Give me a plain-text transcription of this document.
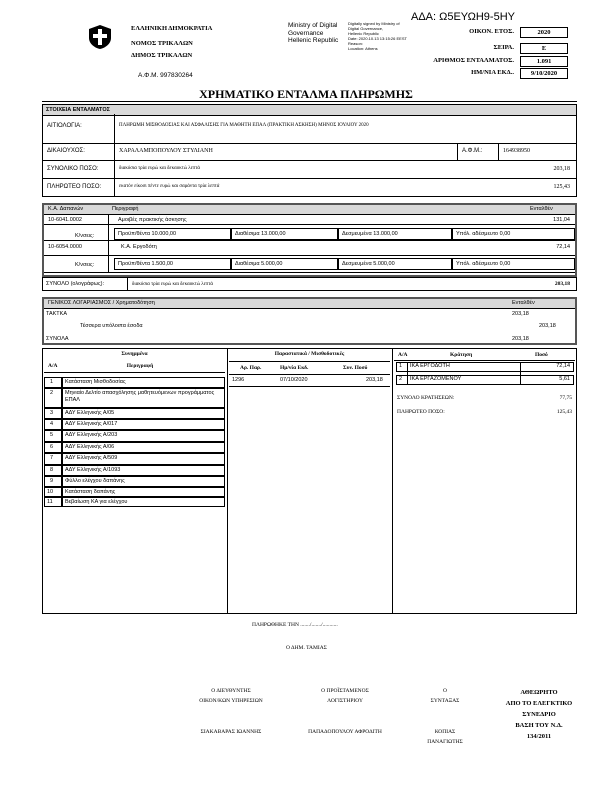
ΑΔΑ: Ω5ΕΥΩΗ9-5ΗΥ
ΕΛΛΗΝΙΚΗ ΔΗΜΟΚΡΑΤΙΑ
ΝΟΜΟΣ ΤΡΙΚΑΛΩΝ
ΔΗΜΟΣ ΤΡΙΚΑΛΩΝ
Α.Φ.Μ. 997830264
Ministry of Digital
Governance
Hellenic Republic
Digitally signed by Ministry of
Digital Governance,
Hellenic Republic
Date: 2020.10.13 13:15:26 EEST
Reason:
Location: Athens
ΟΙΚΟΝ. ΕΤΟΣ.	2020
ΣΕΙΡΑ.	Ε
ΑΡΙΘΜΟΣ ΕΝΤΑΛΜΑΤΟΣ.	1.091
ΗΜ/ΝΙΑ ΕΚΔ..	9/10/2020
ΧΡΗΜΑΤΙΚΟ ΕΝΤΑΛΜΑ ΠΛΗΡΩΜΗΣ
ΣΤΟΙΧΕΙΑ ΕΝΤΑΛΜΑΤΟΣ
ΑΙΤΙΟΛΟΓΙΑ:	ΠΛΗΡΩΜΗ ΜΙΣΘΟΔΟΣΙΑΣ ΚΑΙ ΑΣΦΑΛΙΣΗΣ ΓΙΑ ΜΑΘΗΤΗ ΕΠΑΛ (ΠΡΑΚΤΙΚΗ ΑΣΚΗΣΗ) ΜΗΝΟΣ ΙΟΥΛΙΟΥ 2020
ΔΙΚΑΙΟΥΧΟΣ:	ΧΑΡΑΛΑΜΠΟΠΟΥΛΟΥ ΣΤΥΛΙΑΝΗ	Α.Φ.Μ.:	164938950
ΣΥΝΟΛΙΚΟ ΠΟΣΟ:	διακόσια τρία ευρώ και δεκαοκτώ λεπτά	203,18
ΠΛΗΡΩΤΕΟ ΠΟΣΟ:	εκατόν είκοσι πέντε ευρώ και σαράντα τρία λεπτά	125,43
Κ.Α. Δαπανών	Περιγραφή	Ενταλθέν
10-6041.0002	Αμοιβές πρακτικής άσκησης	131,04
Κ/νσεις:	Προϋπ/θέντα 10.000,00	Διαθέσιμα 13.000,00	Δεσμευμένα 13.000,00	Υπόλ. αδέσμευτο 0,00
10-6054.0000	Κ.Α. Εργοδότη	72,14
Κ/νσεις:	Προϋπ/θέντα 1.500,00	Διαθέσιμα 5.000,00	Δεσμευμένα 5.000,00	Υπόλ. αδέσμευτο 0,00
ΣΥΝΟΛΟ (ολογράφως):	διακόσια τρία ευρώ και δεκαοκτώ λεπτά	203,18
ΓΕΝΙΚΟΣ ΛΟΓΑΡΙΑΣΜΟΣ / Χρηματοδότηση	Ενταλθέν
ΤΑΚΤΚΑ	203,18
Τέσσερα υπόλοιπα έσοδα	203,18
ΣΥΝΟΛΑ	203,18
Συνημμένα
Α/Α	Περιγραφή
1 Κατάσταση Μισθοδοσίας
2 Μηνιαίο Δελτίο απασχόλησης μαθητευόμενων προγράμματος ΕΠΑΛ
3 ΑΔΥ Ελληνικής Α/05
4 ΑΔΥ Ελληνικής Α/017
5 ΑΔΥ Ελληνικής Α/203
6 ΑΔΥ Ελληνικής Α/06
7 ΑΔΥ Ελληνικής Α/509
8 ΑΔΥ Ελληνικής Α/1093
9 Φύλλο ελέγχου δαπάνης
10 Κατάσταση δαπάνης
11 Βεβαίωση ΚΑ για ελέγχου
Παραστατικά / Μισθοδοτικές
Αρ. Παρ.	Ημ/νία Εκδ.	Συν. Ποσό
1296	07/10/2020	203,18
Α/Α	Κράτηση	Ποσό
1 ΙΚΑ ΕΡΓΟΔΟΤΗ	72,14
2 ΙΚΑ ΕΡΓΑΖΟΜΕΝΟΥ	5,61
ΣΥΝΟΛΟ ΚΡΑΤΗΣΕΩΝ:	77,75
ΠΛΗΡΩΤΕΟ ΠΟΣΟ:	125,43
ΠΛΗΡΩΘΗΚΕ ΤΗΝ ......./......./...........
Ο ΔΗΜ. ΤΑΜΙΑΣ
Ο ΔΙΕΥΘΥΝΤΗΣ
ΟΙΚΟΝ/ΚΩΝ ΥΠΗΡΕΣΙΩΝ
ΣΙΑΚΑΒΑΡΑΣ ΙΩΑΝΝΗΣ
Ο ΠΡΟΪΣΤΑΜΕΝΟΣ
ΛΟΓΙΣΤΗΡΙΟΥ
ΠΑΠΑΔΟΠΟΥΛΟΥ ΑΦΡΟΔΙΤΗ
Ο
ΣΥΝΤΑΞΑΣ
ΚΟΠΙΑΣ
ΠΑΝΑΓΙΩΤΗΣ
ΑΘΕΩΡΗΤΟ
ΑΠΟ ΤΟ ΕΛΕΓΚΤΙΚΟ
ΣΥΝΕΔΡΙΟ
ΒΑΣΗ ΤΟΥ Ν.Δ.
134/2011
